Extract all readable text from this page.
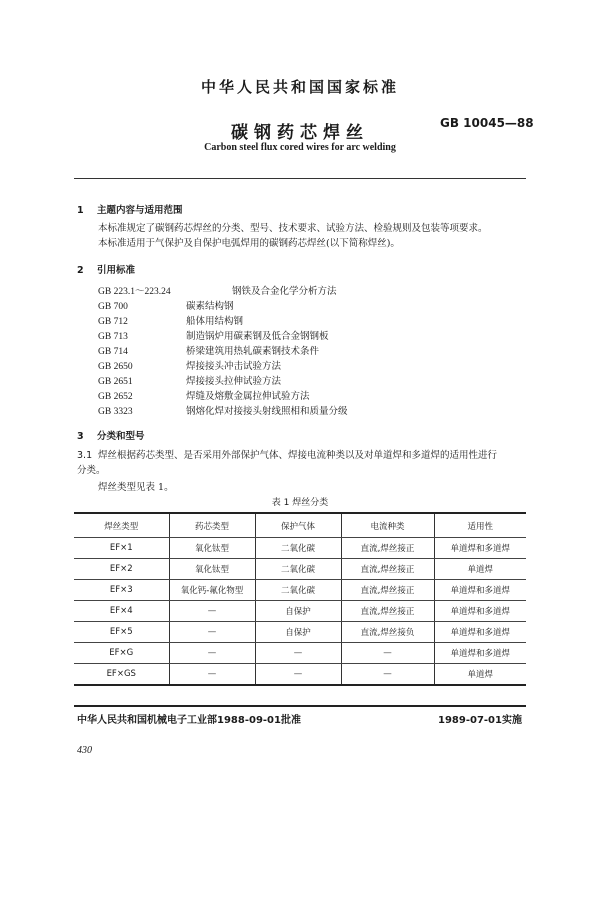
中华人民共和国国家标准
碳钢药芯焊丝	GB 10045—88
Carbon steel flux cored wires for arc welding
1 主题内容与适用范围
本标准规定了碳钢药芯焊丝的分类、型号、技术要求、试验方法、检验规则及包装等项要求。
本标准适用于气保护及自保护电弧焊用的碳钢药芯焊丝(以下简称焊丝)。
2 引用标准
GB 223.1～223.24	钢铁及合金化学分析方法
GB 700	碳素结构钢
GB 712	船体用结构钢
GB 713	制造锅炉用碳素钢及低合金钢钢板
GB 714	桥梁建筑用热轧碳素钢技术条件
GB 2650	焊接接头冲击试验方法
GB 2651	焊接接头拉伸试验方法
GB 2652	焊缝及熔敷金属拉伸试验方法
GB 3323	钢熔化焊对接接头射线照相和质量分级
3 分类和型号
3.1 焊丝根据药芯类型、是否采用外部保护气体、焊接电流种类以及对单道焊和多道焊的适用性进行
分类。
焊丝类型见表 1。
表 1 焊丝分类
焊丝类型	药芯类型	保护气体	电流种类	适用性
EF×1	氧化钛型	二氧化碳	直流,焊丝接正	单道焊和多道焊
EF×2	氧化钛型	二氧化碳	直流,焊丝接正	单道焊
EF×3	氧化钙-氟化物型	二氧化碳	直流,焊丝接正	单道焊和多道焊
EF×4	—	自保护	直流,焊丝接正	单道焊和多道焊
EF×5	—	自保护	直流,焊丝接负	单道焊和多道焊
EF×G	—	—	—	单道焊和多道焊
EF×GS	—	—	—	单道焊
中华人民共和国机械电子工业部1988-09-01批准	1989-07-01实施
430
